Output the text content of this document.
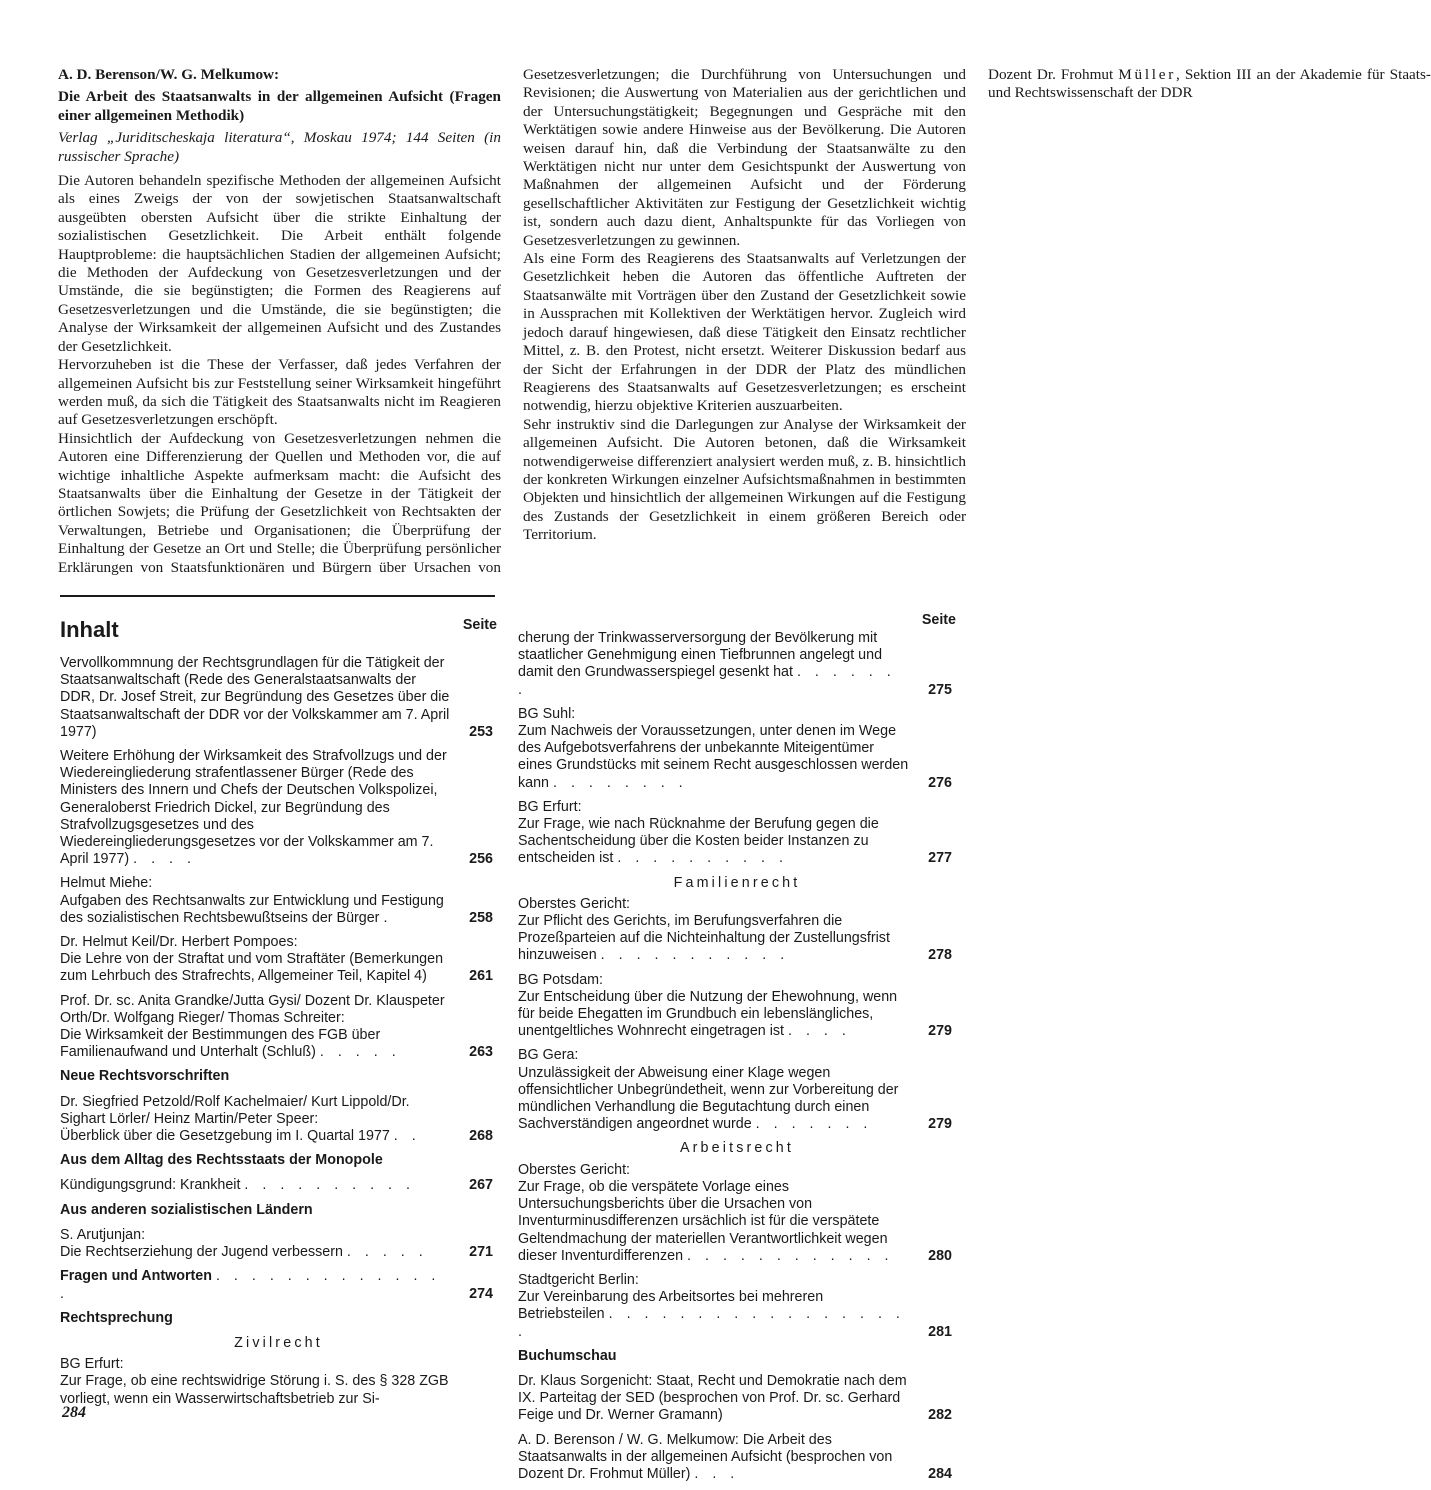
A. D. Berenson/W. G. Melkumow:

Die Arbeit des Staatsanwalts in der allgemeinen Aufsicht (Fragen einer allgemeinen Methodik)

Verlag „Juriditscheskaja literatura“, Moskau 1974; 144 Seiten (in russischer Sprache)

Die Autoren behandeln spezifische Methoden der allgemeinen Aufsicht als eines Zweigs der von der sowjetischen Staatsanwaltschaft ausgeübten obersten Aufsicht über die strikte Einhaltung der sozialistischen Gesetzlichkeit. Die Arbeit enthält folgende Hauptprobleme: die hauptsächlichen Stadien der allgemeinen Aufsicht; die Methoden der Aufdeckung von Gesetzesverletzungen und der Umstände, die sie begünstigten; die Formen des Reagierens auf Gesetzesverletzungen und die Umstände, die sie begünstigten; die Analyse der Wirksamkeit der allgemeinen Aufsicht und des Zustandes der Gesetzlichkeit.

Hervorzuheben ist die These der Verfasser, daß jedes Verfahren der allgemeinen Aufsicht bis zur Feststellung seiner Wirksamkeit hingeführt werden muß, da sich die Tätigkeit des Staatsanwalts nicht im Reagieren auf Gesetzesverletzungen erschöpft.

Hinsichtlich der Aufdeckung von Gesetzesverletzungen nehmen die Autoren eine Differenzierung der Quellen und Methoden vor, die auf wichtige inhaltliche Aspekte aufmerksam macht: die Aufsicht des Staatsanwalts über die Einhaltung der Gesetze in der Tätigkeit der örtlichen Sowjets; die Prüfung der Gesetzlichkeit von Rechtsakten der Verwaltungen, Betriebe und Organisationen; die Überprüfung der Einhaltung der Gesetze an Ort und Stelle; die Überprüfung persönlicher Erklärungen von Staatsfunktionären und Bürgern über Ursachen von Gesetzesverletzungen; die Durchführung von Untersuchungen und Revisionen; die Auswertung von Materialien aus der gerichtlichen und der Untersuchungstätigkeit; Begegnungen und Gespräche mit den Werktätigen sowie andere Hinweise aus der Bevölkerung. Die Autoren weisen darauf hin, daß die Verbindung der Staatsanwälte zu den Werktätigen nicht nur unter dem Gesichtspunkt der Auswertung von Maßnahmen der allgemeinen Aufsicht und der Förderung gesellschaftlicher Aktivitäten zur Festigung der Gesetzlichkeit wichtig ist, sondern auch dazu dient, Anhaltspunkte für das Vorliegen von Gesetzesverletzungen zu gewinnen.

Als eine Form des Reagierens des Staatsanwalts auf Verletzungen der Gesetzlichkeit heben die Autoren das öffentliche Auftreten der Staatsanwälte mit Vorträgen über den Zustand der Gesetzlichkeit sowie in Aussprachen mit Kollektiven der Werktätigen hervor. Zugleich wird jedoch darauf hingewiesen, daß diese Tätigkeit den Einsatz rechtlicher Mittel, z. B. den Protest, nicht ersetzt. Weiterer Diskussion bedarf aus der Sicht der Erfahrungen in der DDR der Platz des mündlichen Reagierens des Staatsanwalts auf Gesetzesverletzungen; es erscheint notwendig, hierzu objektive Kriterien auszuarbeiten.

Sehr instruktiv sind die Darlegungen zur Analyse der Wirksamkeit der allgemeinen Aufsicht. Die Autoren betonen, daß die Wirksamkeit notwendigerweise differenziert analysiert werden muß, z. B. hinsichtlich der konkreten Wirkungen einzelner Aufsichtsmaßnahmen in bestimmten Objekten und hinsichtlich der allgemeinen Wirkungen auf die Festigung des Zustands der Gesetzlichkeit in einem größeren Bereich oder Territorium.

Dozent Dr. Frohmut Müller, Sektion III an der Akademie für Staats- und Rechtswissenschaft der DDR

Inhalt	Seite
Vervollkommnung der Rechtsgrundlagen für die Tätigkeit der Staatsanwaltschaft (Rede des Generalstaatsanwalts der DDR, Dr. Josef Streit, zur Begründung des Gesetzes über die Staatsanwaltschaft der DDR vor der Volkskammer am 7. April 1977)	253
Weitere Erhöhung der Wirksamkeit des Strafvollzugs und der Wiedereingliederung strafentlassener Bürger (Rede des Ministers des Innern und Chefs der Deutschen Volkspolizei, Generaloberst Friedrich Dickel, zur Begründung des Strafvollzugsgesetzes und des Wiedereingliederungsgesetzes vor der Volkskammer am 7. April 1977) . . . .	256
Helmut Miehe:
Aufgaben des Rechtsanwalts zur Entwicklung und Festigung des sozialistischen Rechtsbewußtseins der Bürger .	258
Dr. Helmut Keil/Dr. Herbert Pompoes:
Die Lehre von der Straftat und vom Straftäter (Bemerkungen zum Lehrbuch des Strafrechts, Allgemeiner Teil, Kapitel 4)	261
Prof. Dr. sc. Anita Grandke/Jutta Gysi/ Dozent Dr. Klauspeter Orth/Dr. Wolfgang Rieger/ Thomas Schreiter:
Die Wirksamkeit der Bestimmungen des FGB über Familienaufwand und Unterhalt (Schluß) . . . . .	263
Neue Rechtsvorschriften
Dr. Siegfried Petzold/Rolf Kachelmaier/ Kurt Lippold/Dr. Sighart Lörler/ Heinz Martin/Peter Speer:
Überblick über die Gesetzgebung im I. Quartal 1977 . .	268
Aus dem Alltag des Rechtsstaats der Monopole
Kündigungsgrund: Krankheit . . . . . . . . . .	267
Aus anderen sozialistischen Ländern
S. Arutjunjan:
Die Rechtserziehung der Jugend verbessern . . . . .	271
Fragen und Antworten . . . . . . . . . . . . . .	274
Rechtsprechung
Zivilrecht
BG Erfurt:
Zur Frage, ob eine rechtswidrige Störung i. S. des § 328 ZGB vorliegt, wenn ein Wasserwirtschaftsbetrieb zur Si-
Seite
cherung der Trinkwasserversorgung der Bevölkerung mit staatlicher Genehmigung einen Tiefbrunnen angelegt und damit den Grundwasserspiegel gesenkt hat . . . . . . .	275
BG Suhl:
Zum Nachweis der Voraussetzungen, unter denen im Wege des Aufgebotsverfahrens der unbekannte Miteigentümer eines Grundstücks mit seinem Recht ausgeschlossen werden kann . . . . . . . .	276
BG Erfurt:
Zur Frage, wie nach Rücknahme der Berufung gegen die Sachentscheidung über die Kosten beider Instanzen zu entscheiden ist . . . . . . . . . .	277
Familienrecht
Oberstes Gericht:
Zur Pflicht des Gerichts, im Berufungsverfahren die Prozeßparteien auf die Nichteinhaltung der Zustellungsfrist hinzuweisen . . . . . . . . . . .	278
BG Potsdam:
Zur Entscheidung über die Nutzung der Ehewohnung, wenn für beide Ehegatten im Grundbuch ein lebenslängliches, unentgeltliches Wohnrecht eingetragen ist . . . .	279
BG Gera:
Unzulässigkeit der Abweisung einer Klage wegen offensichtlicher Unbegründetheit, wenn zur Vorbereitung der mündlichen Verhandlung die Begutachtung durch einen Sachverständigen angeordnet wurde . . . . . . .	279
Arbeitsrecht
Oberstes Gericht:
Zur Frage, ob die verspätete Vorlage eines Untersuchungsberichts über die Ursachen von Inventurminusdifferenzen ursächlich ist für die verspätete Geltendmachung der materiellen Verantwortlichkeit wegen dieser Inventurdifferenzen . . . . . . . . . . . .	280
Stadtgericht Berlin:
Zur Vereinbarung des Arbeitsortes bei mehreren Betriebsteilen . . . . . . . . . . . . . . . . . .	281
Buchumschau
Dr. Klaus Sorgenicht: Staat, Recht und Demokratie nach dem IX. Parteitag der SED (besprochen von Prof. Dr. sc. Gerhard Feige und Dr. Werner Gramann)	282
A. D. Berenson / W. G. Melkumow: Die Arbeit des Staatsanwalts in der allgemeinen Aufsicht (besprochen von Dozent Dr. Frohmut Müller) . . .	284
284
